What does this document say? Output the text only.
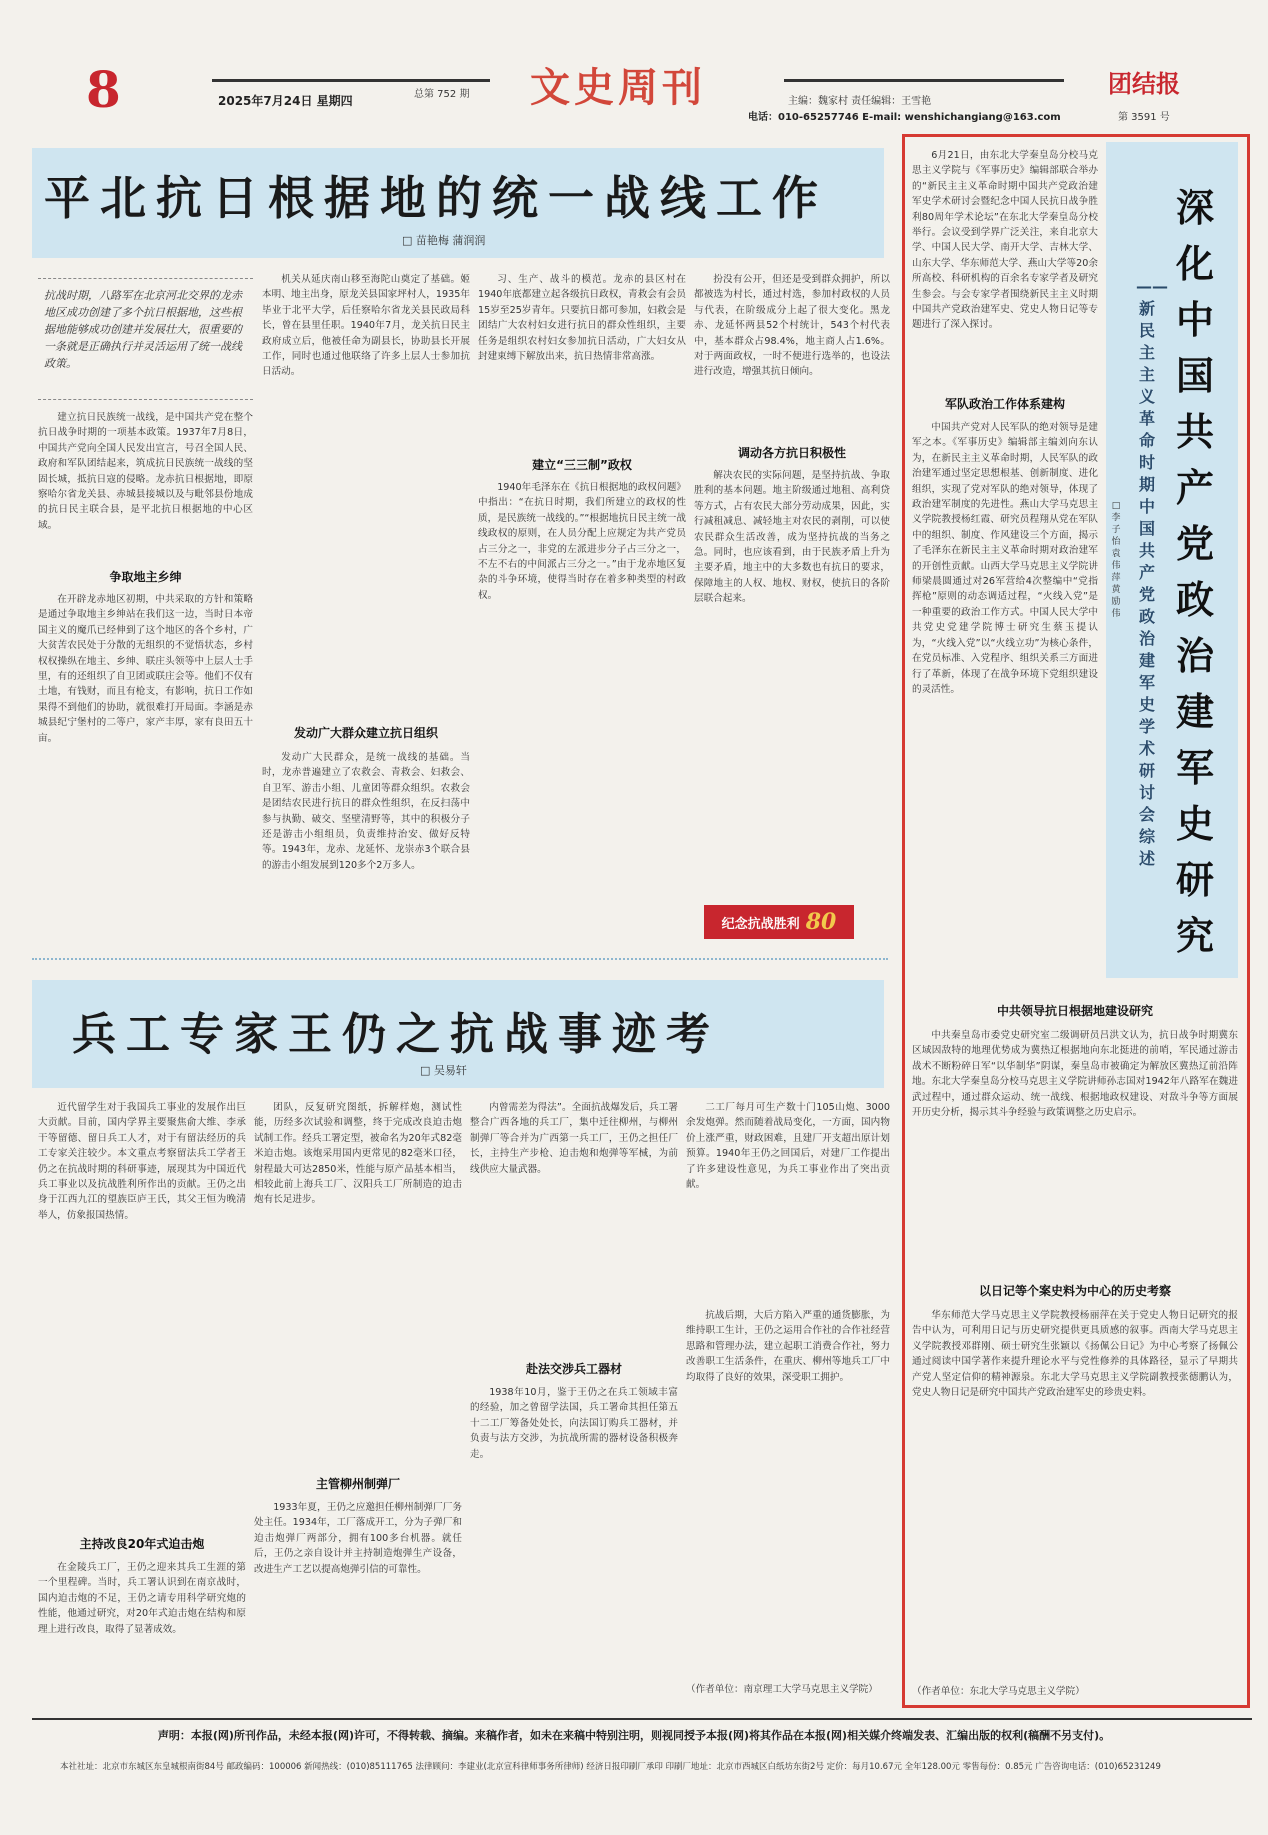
8	2025年7月24日 星期四	总第 752 期 文史周刊	主编：魏家村 责任编辑：王雪艳
电话：010-65257746 E-mail: wenshichangiang@163.com
团结报
第 3591 号
平北抗日根据地的统一战线工作
□ 苗艳梅 蒲润润
抗战时期，八路军在北京河北交界的龙赤地区成功创建了多个抗日根据地，这些根据地能够成功创建并发展壮大，很重要的一条就是正确执行并灵活运用了统一战线政策。

建立抗日民族统一战线，是中国共产党在整个抗日战争时期的一项基本政策。1937年7月8日，中国共产党向全国人民发出宣言，号召全国人民、政府和军队团结起来，筑成抗日民族统一战线的坚固长城，抵抗日寇的侵略。龙赤抗日根据地，即原察哈尔省龙关县、赤城县接城以及与毗邻县份地成的抗日民主联合县，是平北抗日根据地的中心区域。

争取地主乡绅

在开辟龙赤地区初期，中共采取的方针和策略是通过争取地主乡绅站在我们这一边，当时日本帝国主义的魔爪已经伸到了这个地区的各个乡村，广大贫苦农民处于分散的无组织的不觉悟状态，乡村权权操纵在地主、乡绅、联庄头领等中上层人士手里，有的还组织了自卫团或联庄会等。他们不仅有土地，有钱财，而且有枪支，有影响，抗日工作如果得不到他们的协助，就很难打开局面。李涵是赤城县纪宁堡村的二等户，家产丰厚，家有良田五十亩。

机关从延庆南山移至海陀山奠定了基础。姬本明、地主出身，原龙关县国家坪村人，1935年毕业于北平大学，后任察哈尔省龙关县民政局科长，曾在县里任职。1940年7月，龙关抗日民主政府成立后，他被任命为副县长，协助县长开展工作，同时也通过他联络了许多上层人士参加抗日活动。

发动广大群众建立抗日组织

发动广大民群众，是统一战线的基础。当时，龙赤普遍建立了农救会、青救会、妇救会、自卫军、游击小组、儿童团等群众组织。农救会是团结农民进行抗日的群众性组织，在反扫荡中参与执勤、破交、坚壁清野等，其中的积极分子还是游击小组组员，负责维持治安、做好反特等。1943年，龙赤、龙延怀、龙崇赤3个联合县的游击小组发展到120多个2万多人。

习、生产、战斗的模范。龙赤的县区村在1940年底都建立起各级抗日政权，青救会有会员15岁至25岁青年。只要抗日都可参加，妇救会是团结广大农村妇女进行抗日的群众性组织，主要任务是组织农村妇女参加抗日活动，广大妇女从封建束缚下解放出来，抗日热情非常高涨。

建立“三三制”政权

1940年毛泽东在《抗日根据地的政权问题》中指出：“在抗日时期，我们所建立的政权的性质，是民族统一战线的。”“根据地抗日民主统一战线政权的原则，在人员分配上应规定为共产党员占三分之一，非党的左派进步分子占三分之一，不左不右的中间派占三分之一。”由于龙赤地区复杂的斗争环境，使得当时存在着多种类型的村政权。

扮没有公开，但还是受到群众拥护，所以都被选为村长，通过村选，参加村政权的人员与代表，在阶级成分上起了很大变化。黑龙赤、龙延怀两县52个村统计，543个村代表中，基本群众占98.4%，地主商人占1.6%。对于两面政权，一时不便进行选举的，也设法进行改造，增强其抗日倾向。

调动各方抗日积极性

解决农民的实际问题，是坚持抗战、争取胜利的基本问题。地主阶级通过地租、高利贷等方式，占有农民大部分劳动成果，因此，实行减租减息、减轻地主对农民的剥削，可以使农民群众生活改善，成为坚持抗战的当务之急。同时，也应该看到，由于民族矛盾上升为主要矛盾，地主中的大多数也有抗日的要求，保障地主的人权、地权、财权，使抗日的各阶层联合起来。

纪念抗战胜利 80
兵工专家王仍之抗战事迹考
□ 吴易轩

近代留学生对于我国兵工事业的发展作出巨大贡献。目前，国内学界主要聚焦俞大维、李承干等留德、留日兵工人才，对于有留法经历的兵工专家关注较少。本文重点考察留法兵工学者王仍之在抗战时期的科研事迹，展现其为中国近代兵工事业以及抗战胜利所作出的贡献。王仍之出身于江西九江的望族臣庐王氏，其父王恒为晚清举人，仿象报国热情。

主持改良20年式迫击炮

在金陵兵工厂，王仍之迎来其兵工生涯的第一个里程碑。当时，兵工署认识到在南京战时，国内迫击炮的不足，王仍之请专用科学研究炮的性能，他通过研究，对20年式迫击炮在结构和原理上进行改良，取得了显著成效。

团队，反复研究图纸，拆解样炮，测试性能，历经多次试验和调整，终于完成改良迫击炮试制工作。经兵工署定型，被命名为20年式82毫米迫击炮。该炮采用国内更常见的82毫米口径，射程最大可达2850米，性能与原产品基本相当，相较此前上海兵工厂、汉阳兵工厂所制造的迫击炮有长足进步。

主管柳州制弹厂

1933年夏，王仍之应邀担任柳州制弹厂厂务处主任。1934年，工厂落成开工，分为子弹厂和迫击炮弹厂两部分，拥有100多台机器。就任后，王仍之亲自设计并主持制造炮弹生产设备，改进生产工艺以提高炮弹引信的可靠性。

内曾需差为得法”。全面抗战爆发后，兵工署整合广西各地的兵工厂，集中迁往柳州，与柳州制弹厂等合并为广西第一兵工厂，王仍之担任厂长，主持生产步枪、迫击炮和炮弹等军械，为前线供应大量武器。

赴法交涉兵工器材

1938年10月，鉴于王仍之在兵工领域丰富的经验，加之曾留学法国，兵工署命其担任第五十二工厂筹备处处长，向法国订购兵工器材，并负责与法方交涉，为抗战所需的器材设备积极奔走。

二工厂每月可生产数十门105山炮、3000余发炮弹。然而随着战局变化，一方面，国内物价上涨严重，财政困难，且建厂开支超出原计划预算。1940年王仍之回国后，对建厂工作提出了许多建设性意见，为兵工事业作出了突出贡献。

抗战后期，大后方陷入严重的通货膨胀，为维持职工生计，王仍之运用合作社的合作社经营思路和管理办法，建立起职工消费合作社，努力改善职工生活条件，在重庆、柳州等地兵工厂中均取得了良好的效果，深受职工拥护。

（作者单位：南京理工大学马克思主义学院）
深化中国共产党政治建军史研究
——新民主主义革命时期中国共产党政治建军史学术研讨会综述
□ 李子怡 袁伟萍 黄励伟

6月21日，由东北大学秦皇岛分校马克思主义学院与《军事历史》编辑部联合举办的“新民主主义革命时期中国共产党政治建军史学术研讨会暨纪念中国人民抗日战争胜利80周年学术论坛”在东北大学秦皇岛分校举行。会议受到学界广泛关注，来自北京大学、中国人民大学、南开大学、吉林大学、山东大学、华东师范大学、燕山大学等20余所高校、科研机构的百余名专家学者及研究生参会。与会专家学者围绕新民主主义时期中国共产党政治建军史、党史人物日记等专题进行了深入探讨。

军队政治工作体系建构

中国共产党对人民军队的绝对领导是建军之本。《军事历史》编辑部主编刘向东认为，在新民主主义革命时期，人民军队的政治建军通过坚定思想根基、创新制度、进化组织，实现了党对军队的绝对领导，体现了政治建军制度的先进性。燕山大学马克思主义学院教授杨红霞、研究员程翔从党在军队中的组织、制度、作风建设三个方面，揭示了毛泽东在新民主主义革命时期对政治建军的开创性贡献。山西大学马克思主义学院讲师梁晨圆通过对26军营给4次整编中“党指挥枪”原则的动态调适过程，“火线入党”是一种重要的政治工作方式。中国人民大学中共党史党建学院博士研究生蔡玉提认为，“火线入党”以“火线立功”为核心条件，在党员标准、入党程序、组织关系三方面进行了革新，体现了在战争环境下党组织建设的灵活性。

中共领导抗日根据地建设研究

中共秦皇岛市委党史研究室二级调研员吕洪文认为，抗日战争时期冀东区域因敌特的地理优势成为冀热辽根据地向东北挺进的前哨，军民通过游击战术不断粉碎日军“以华制华”阴谋，秦皇岛市被确定为解放区冀热辽前沿阵地。东北大学秦皇岛分校马克思主义学院讲师孙志国对1942年八路军在魏进武过程中，通过群众运动、统一战线、根据地政权建设、对敌斗争等方面展开历史分析，揭示其斗争经验与政策调整之历史启示。

以日记等个案史料为中心的历史考察

华东师范大学马克思主义学院教授杨丽萍在关于党史人物日记研究的报告中认为，可利用日记与历史研究提供更具质感的叙事。西南大学马克思主义学院教授邓群刚、硕士研究生张颖以《扬佩公日记》为中心考察了扬佩公通过阅读中国学著作来提升理论水平与党性修养的具体路径，显示了早期共产党人坚定信仰的精神源泉。东北大学马克思主义学院副教授张德鹏认为，党史人物日记是研究中国共产党政治建军史的珍贵史料。

（作者单位：东北大学马克思主义学院）
声明：本报(网)所刊作品，未经本报(网)许可，不得转载、摘编。来稿作者，如未在来稿中特别注明，则视同授予本报(网)将其作品在本报(网)相关媒介终端发表、汇编出版的权利(稿酬不另支付)。
本社社址：北京市东城区东皇城根南街84号 邮政编码：100006 新闻热线：(010)85111765 法律顾问：李建业(北京宣科律师事务所律师) 经济日报印刷厂承印 印刷厂地址：北京市西城区白纸坊东街2号 定价：每月10.67元 全年128.00元 零售每份：0.85元 广告咨询电话：(010)65231249
